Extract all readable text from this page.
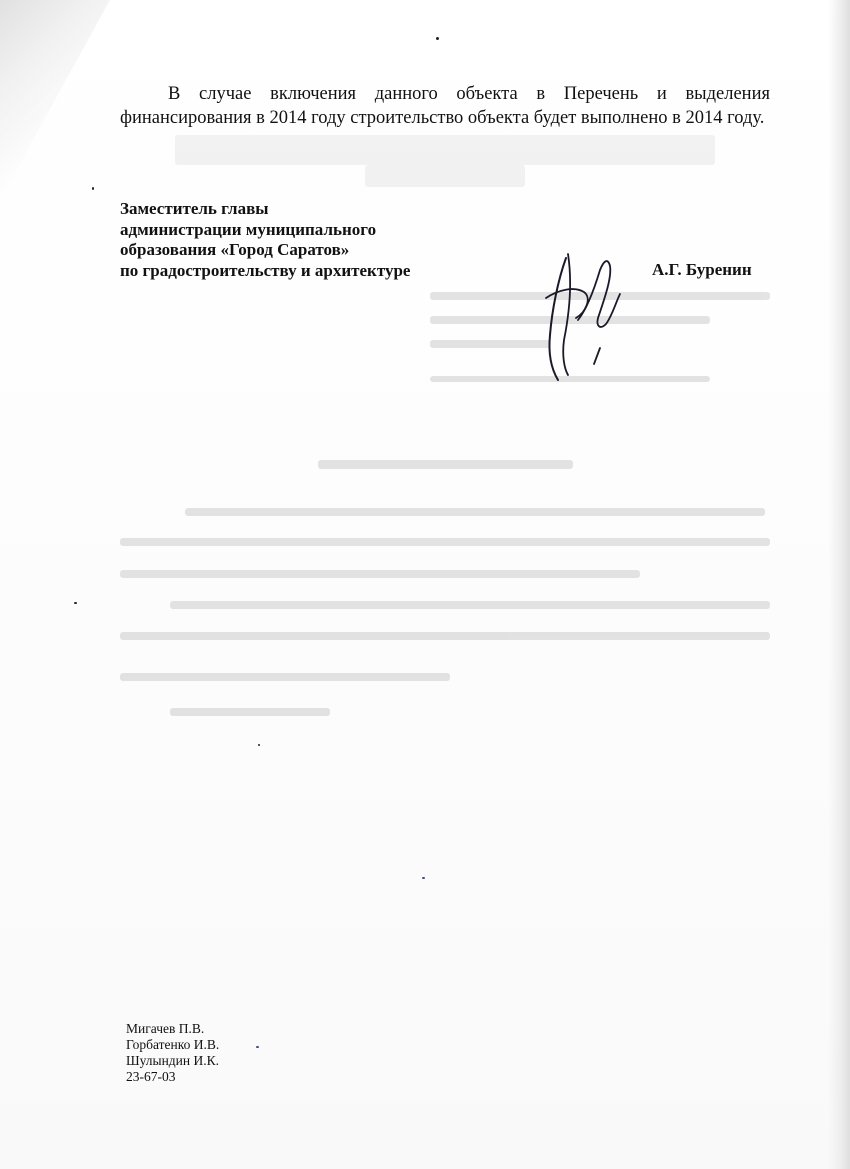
В случае включения данного объекта в Перечень и выделения финансирования в 2014 году строительство объекта будет выполнено в 2014 году.

Заместитель главы
администрации муниципального
образования «Город Саратов»
по градостроительству и архитектуре	А.Г. Буренин
Мигачев П.В.
Горбатенко И.В.
Шулындин И.К.
23-67-03
